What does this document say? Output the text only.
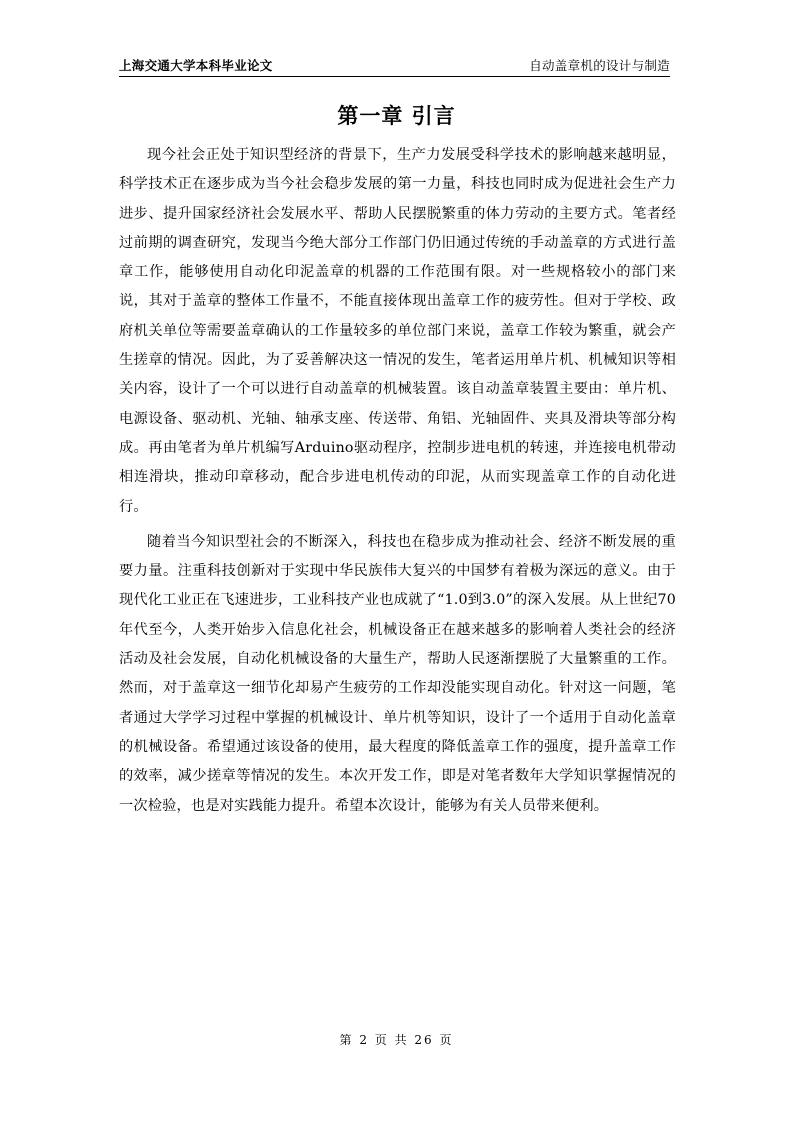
上海交通大学本科毕业论文	自动盖章机的设计与制造
第一章 引言

现今社会正处于知识型经济的背景下，生产力发展受科学技术的影响越来越明显，科学技术正在逐步成为当今社会稳步发展的第一力量，科技也同时成为促进社会生产力进步、提升国家经济社会发展水平、帮助人民摆脱繁重的体力劳动的主要方式。笔者经过前期的调查研究，发现当今绝大部分工作部门仍旧通过传统的手动盖章的方式进行盖章工作，能够使用自动化印泥盖章的机器的工作范围有限。对一些规格较小的部门来说，其对于盖章的整体工作量不，不能直接体现出盖章工作的疲劳性。但对于学校、政府机关单位等需要盖章确认的工作量较多的单位部门来说，盖章工作较为繁重，就会产生搓章的情况。因此，为了妥善解决这一情况的发生，笔者运用单片机、机械知识等相关内容，设计了一个可以进行自动盖章的机械装置。该自动盖章装置主要由：单片机、电源设备、驱动机、光轴、轴承支座、传送带、角铝、光轴固件、夹具及滑块等部分构成。再由笔者为单片机编写Arduino驱动程序，控制步进电机的转速，并连接电机带动相连滑块，推动印章移动，配合步进电机传动的印泥，从而实现盖章工作的自动化进行。

随着当今知识型社会的不断深入，科技也在稳步成为推动社会、经济不断发展的重要力量。注重科技创新对于实现中华民族伟大复兴的中国梦有着极为深远的意义。由于现代化工业正在飞速进步，工业科技产业也成就了“1.0到3.0”的深入发展。从上世纪70年代至今，人类开始步入信息化社会，机械设备正在越来越多的影响着人类社会的经济活动及社会发展，自动化机械设备的大量生产，帮助人民逐渐摆脱了大量繁重的工作。然而，对于盖章这一细节化却易产生疲劳的工作却没能实现自动化。针对这一问题，笔者通过大学学习过程中掌握的机械设计、单片机等知识，设计了一个适用于自动化盖章的机械设备。希望通过该设备的使用，最大程度的降低盖章工作的强度，提升盖章工作的效率，减少搓章等情况的发生。本次开发工作，即是对笔者数年大学知识掌握情况的一次检验，也是对实践能力提升。希望本次设计，能够为有关人员带来便利。

第 2 页 共 26 页
